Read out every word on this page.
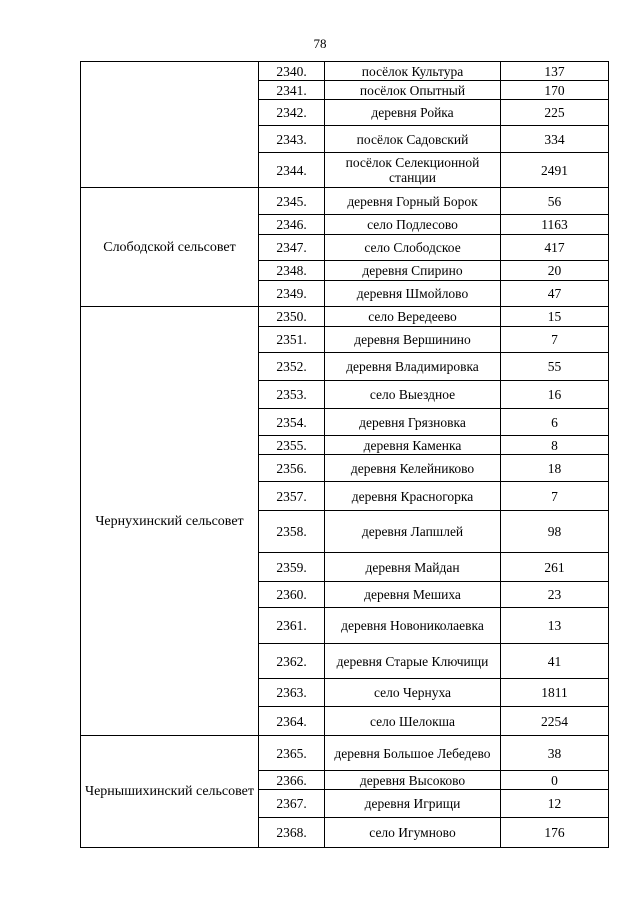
78
	2340.	посёлок Культура	137
	2341.	посёлок Опытный	170
	2342.	деревня Ройка	225
	2343.	посёлок Садовский	334
	2344.	посёлок Селекционной станции	2491
Слободской сельсовет	2345.	деревня Горный Борок	56
	2346.	село Подлесово	1163
	2347.	село Слободское	417
	2348.	деревня Спирино	20
	2349.	деревня Шмойлово	47
Чернухинский сельсовет	2350.	село Вередеево	15
	2351.	деревня Вершинино	7
	2352.	деревня Владимировка	55
	2353.	село Выездное	16
	2354.	деревня Грязновка	6
	2355.	деревня Каменка	8
	2356.	деревня Келейниково	18
	2357.	деревня Красногорка	7
	2358.	деревня Лапшлей	98
	2359.	деревня Майдан	261
	2360.	деревня Мешиха	23
	2361.	деревня Новониколаевка	13
	2362.	деревня Старые Ключищи	41
	2363.	село Чернуха	1811
	2364.	село Шелокша	2254
Чернышихинский сельсовет	2365.	деревня Большое Лебедево	38
	2366.	деревня Высоково	0
	2367.	деревня Игрищи	12
	2368.	село Игумново	176
